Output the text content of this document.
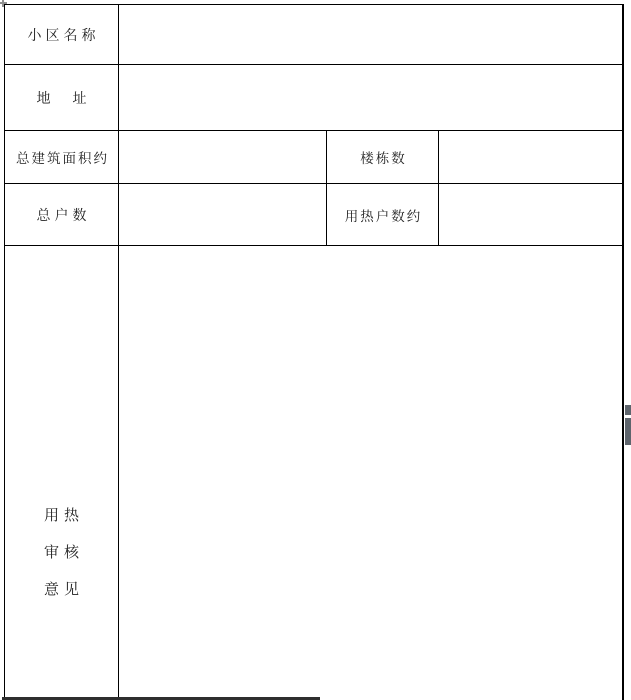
小区名称
地　址
总建筑面积约	楼栋数
总户数	用热户数约
用热
审核
意见
